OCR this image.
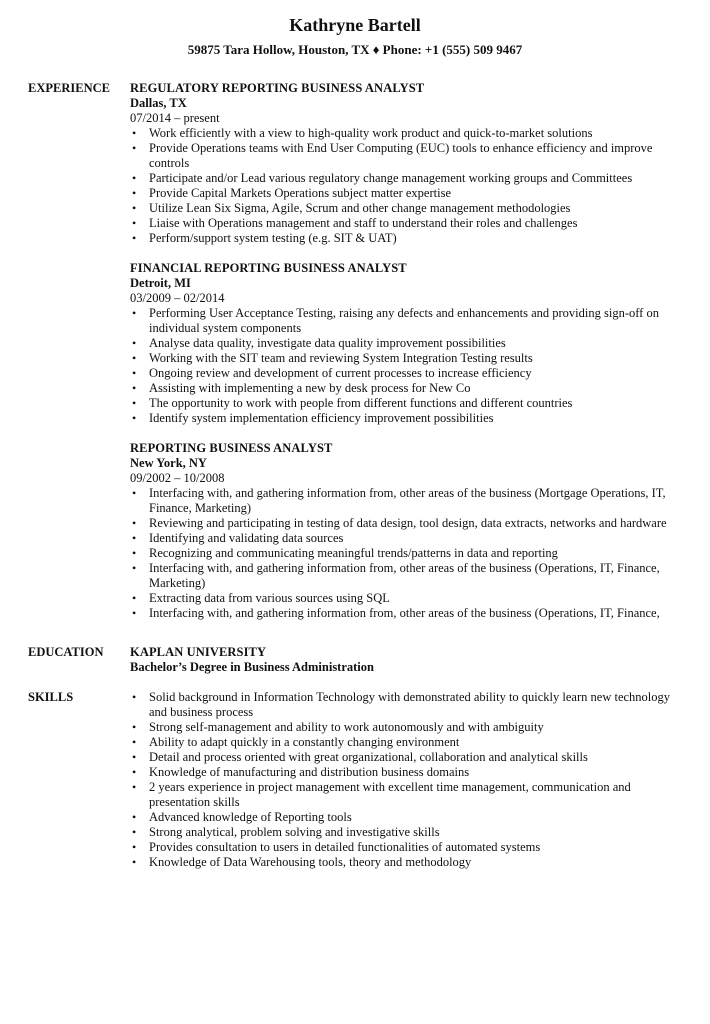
Kathryne Bartell
59875 Tara Hollow, Houston, TX ♦ Phone: +1 (555) 509 9467
EXPERIENCE REGULATORY REPORTING BUSINESS ANALYST
Dallas, TX
07/2014 – present
• Work efficiently with a view to high-quality work product and quick-to-market solutions
• Provide Operations teams with End User Computing (EUC) tools to enhance efficiency and improve controls
• Participate and/or Lead various regulatory change management working groups and Committees
• Provide Capital Markets Operations subject matter expertise
• Utilize Lean Six Sigma, Agile, Scrum and other change management methodologies
• Liaise with Operations management and staff to understand their roles and challenges
• Perform/support system testing (e.g. SIT & UAT)
FINANCIAL REPORTING BUSINESS ANALYST
Detroit, MI
03/2009 – 02/2014
• Performing User Acceptance Testing, raising any defects and enhancements and providing sign-off on individual system components
• Analyse data quality, investigate data quality improvement possibilities
• Working with the SIT team and reviewing System Integration Testing results
• Ongoing review and development of current processes to increase efficiency
• Assisting with implementing a new by desk process for New Co
• The opportunity to work with people from different functions and different countries
• Identify system implementation efficiency improvement possibilities
REPORTING BUSINESS ANALYST
New York, NY
09/2002 – 10/2008
• Interfacing with, and gathering information from, other areas of the business (Mortgage Operations, IT, Finance, Marketing)
• Reviewing and participating in testing of data design, tool design, data extracts, networks and hardware
• Identifying and validating data sources
• Recognizing and communicating meaningful trends/patterns in data and reporting
• Interfacing with, and gathering information from, other areas of the business (Operations, IT, Finance, Marketing)
• Extracting data from various sources using SQL
• Interfacing with, and gathering information from, other areas of the business (Operations, IT, Finance,
EDUCATION KAPLAN UNIVERSITY
Bachelor’s Degree in Business Administration
SKILLS	• Solid background in Information Technology with demonstrated ability to quickly learn new technology and business process
• Strong self-management and ability to work autonomously and with ambiguity
• Ability to adapt quickly in a constantly changing environment
• Detail and process oriented with great organizational, collaboration and analytical skills
• Knowledge of manufacturing and distribution business domains
• 2 years experience in project management with excellent time management, communication and presentation skills
• Advanced knowledge of Reporting tools
• Strong analytical, problem solving and investigative skills
• Provides consultation to users in detailed functionalities of automated systems
• Knowledge of Data Warehousing tools, theory and methodology
